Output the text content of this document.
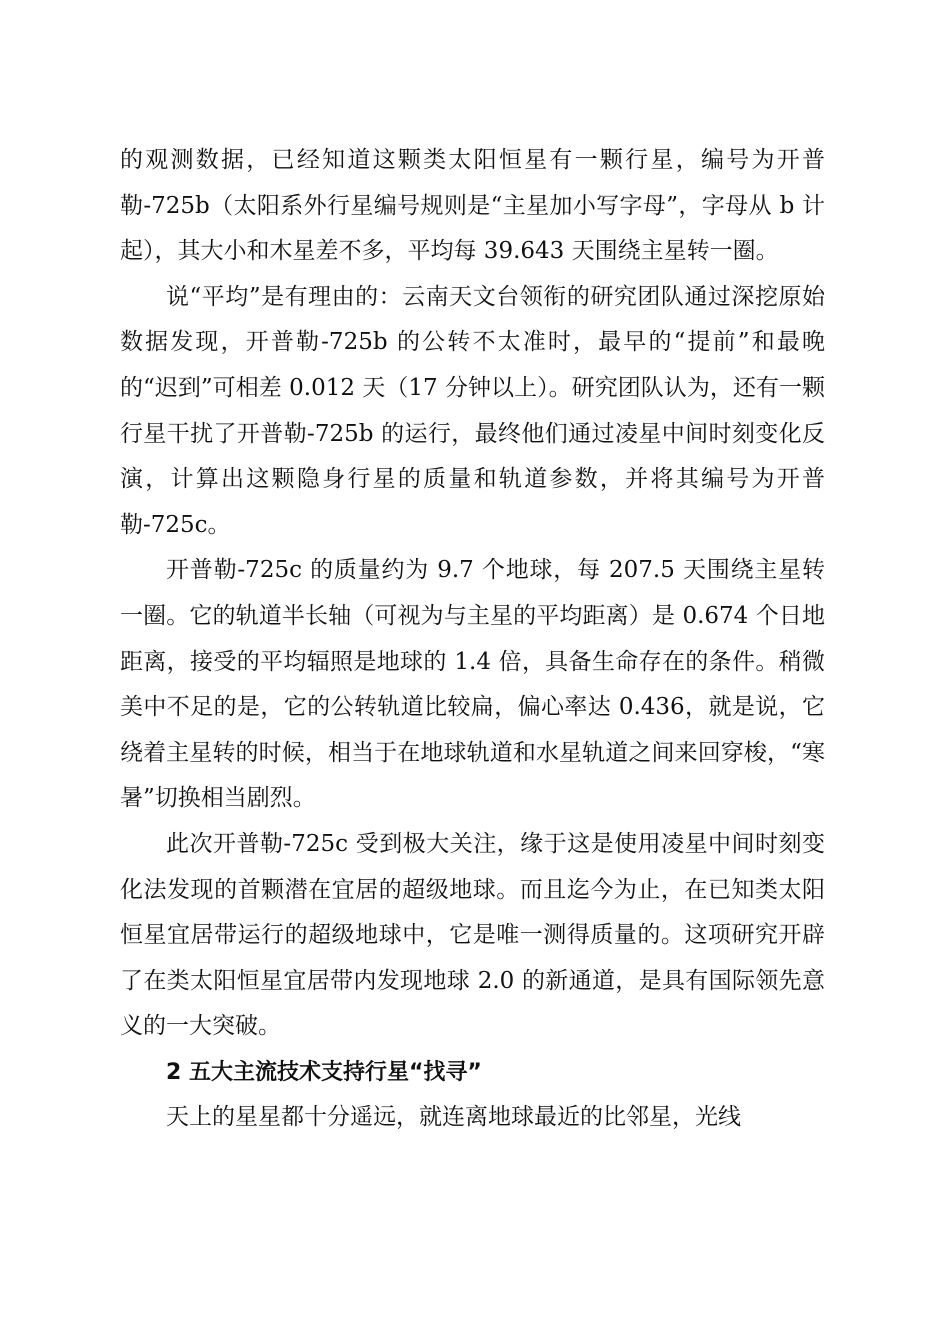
的观测数据，已经知道这颗类太阳恒星有一颗行星，编号为开普勒-725b（太阳系外行星编号规则是“主星加小写字母”，字母从 b 计起），其大小和木星差不多，平均每 39.643 天围绕主星转一圈。

说“平均”是有理由的：云南天文台领衔的研究团队通过深挖原始数据发现，开普勒-725b 的公转不太准时，最早的“提前”和最晚的“迟到”可相差 0.012 天（17 分钟以上）。研究团队认为，还有一颗行星干扰了开普勒-725b 的运行，最终他们通过凌星中间时刻变化反演，计算出这颗隐身行星的质量和轨道参数，并将其编号为开普勒-725c。

开普勒-725c 的质量约为 9.7 个地球，每 207.5 天围绕主星转一圈。它的轨道半长轴（可视为与主星的平均距离）是 0.674 个日地距离，接受的平均辐照是地球的 1.4 倍，具备生命存在的条件。稍微美中不足的是，它的公转轨道比较扁，偏心率达 0.436，就是说，它绕着主星转的时候，相当于在地球轨道和水星轨道之间来回穿梭，“寒暑”切换相当剧烈。

此次开普勒-725c 受到极大关注，缘于这是使用凌星中间时刻变化法发现的首颗潜在宜居的超级地球。而且迄今为止，在已知类太阳恒星宜居带运行的超级地球中，它是唯一测得质量的。这项研究开辟了在类太阳恒星宜居带内发现地球 2.0 的新通道，是具有国际领先意义的一大突破。

2 五大主流技术支持行星“找寻”

天上的星星都十分遥远，就连离地球最近的比邻星，光线
